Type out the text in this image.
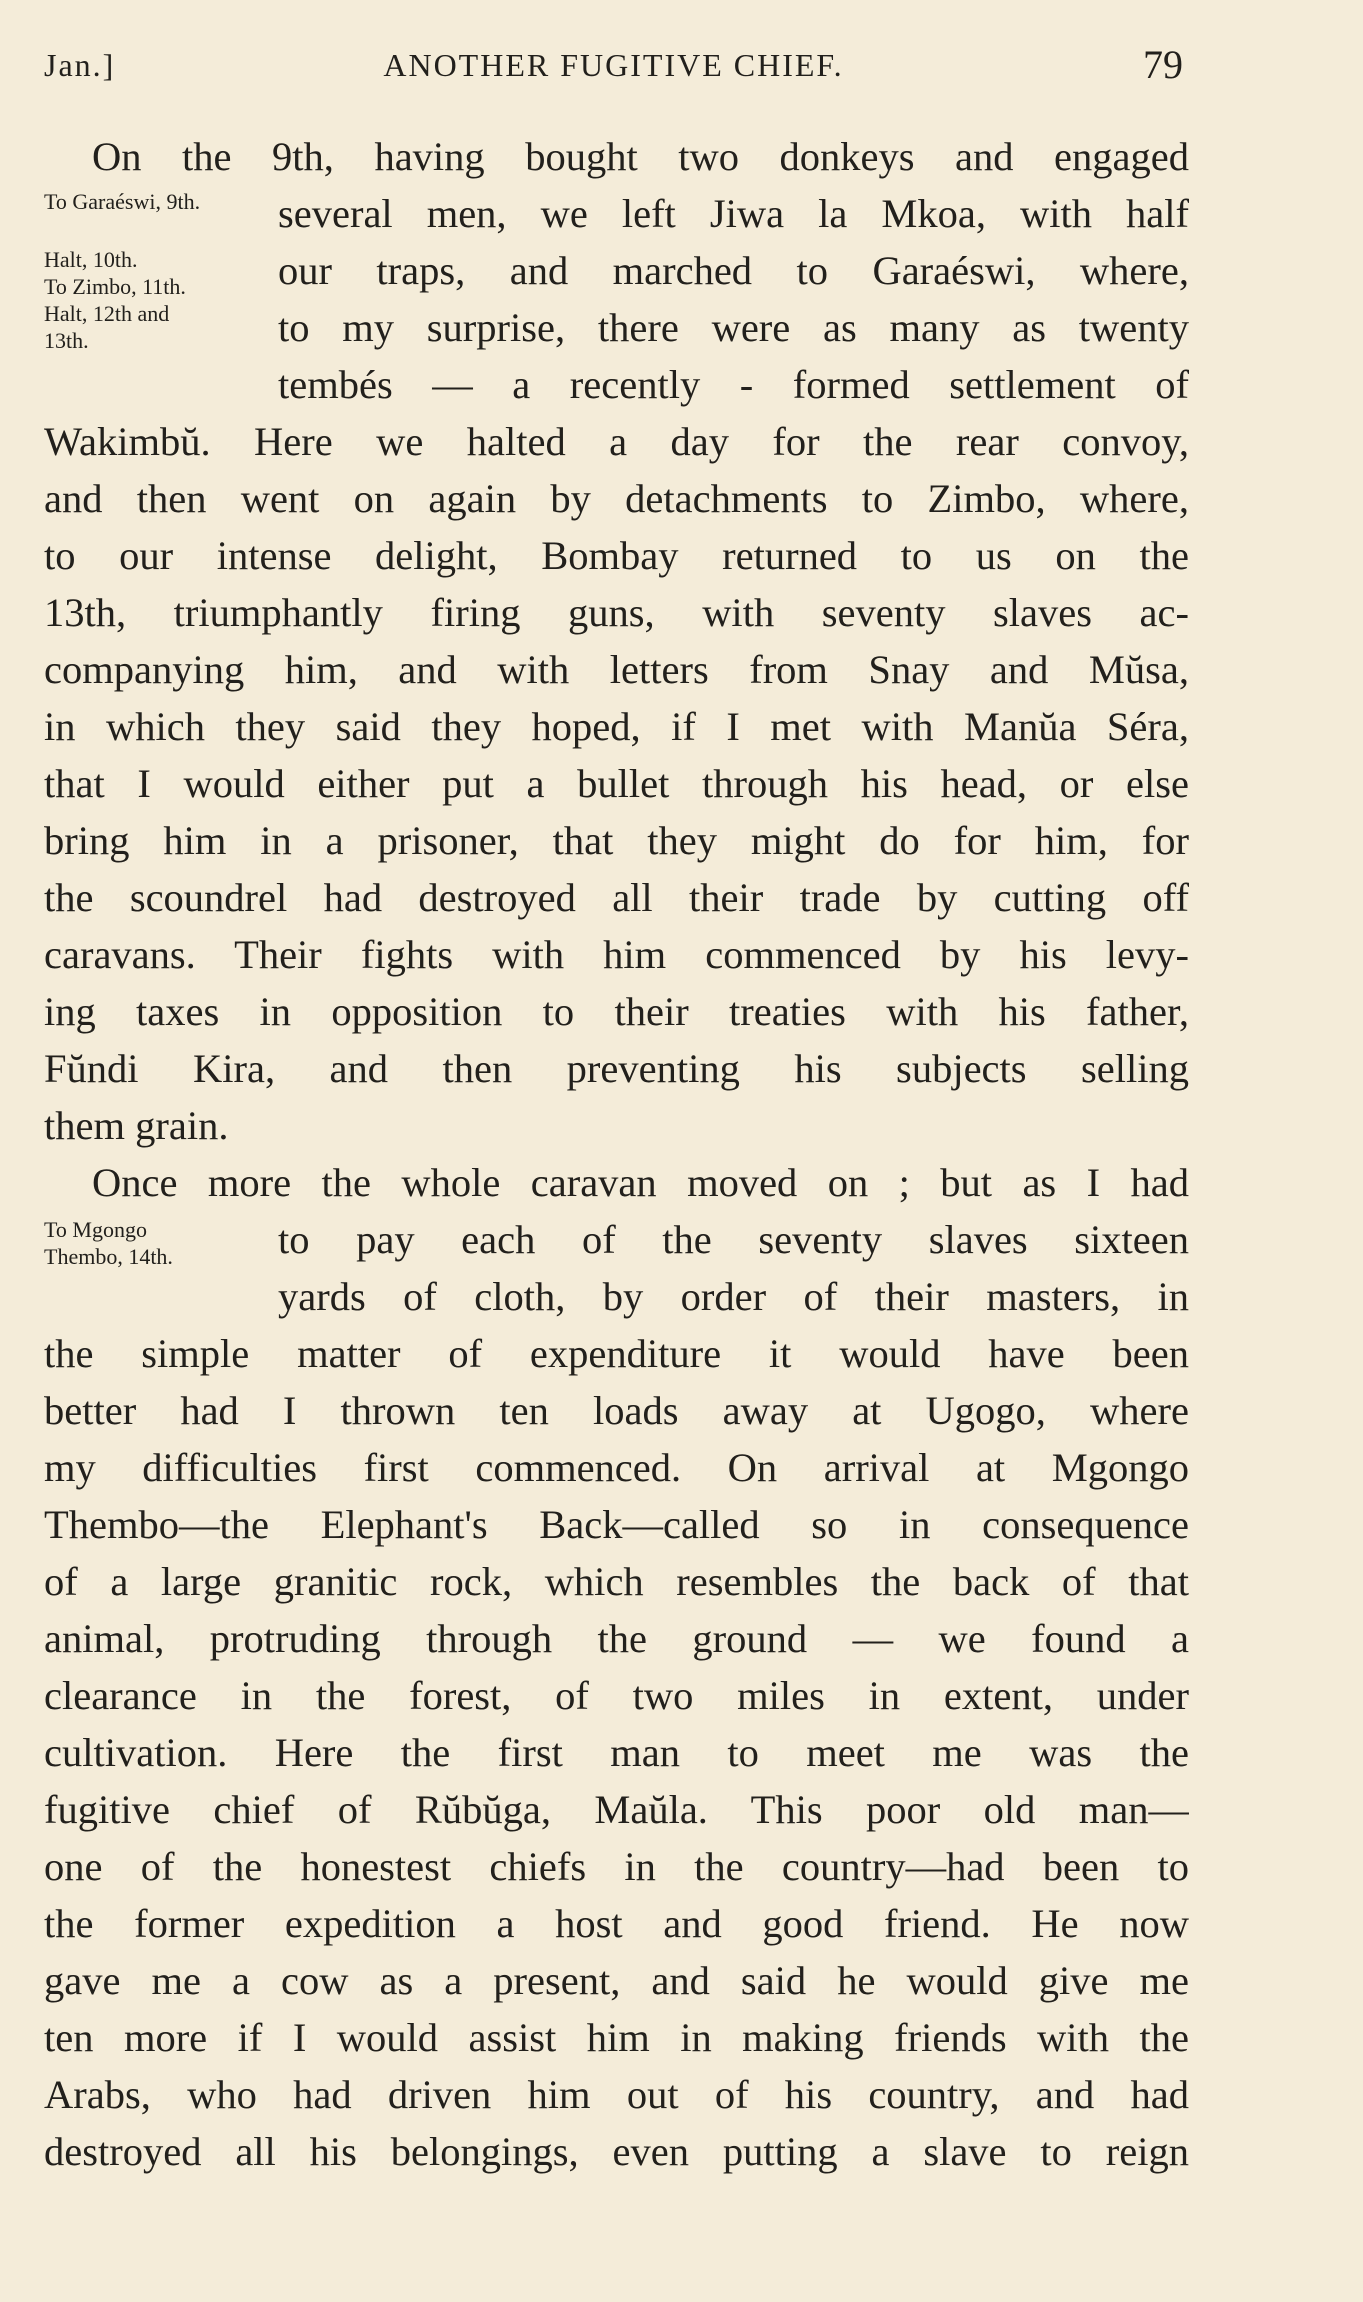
Jan.]	ANOTHER FUGITIVE CHIEF.	79
To Garaéswi, 9th.
Halt, 10th.
To Zimbo, 11th.
Halt, 12th and
13th.
To Mgongo
Thembo, 14th.
On the 9th, having bought two donkeys and engaged
several men, we left Jiwa la Mkoa, with half
our traps, and marched to Garaéswi, where,
to my surprise, there were as many as twenty
tembés — a recently - formed settlement of
Wakimbŭ. Here we halted a day for the rear convoy,
and then went on again by detachments to Zimbo, where,
to our intense delight, Bombay returned to us on the
13th, triumphantly firing guns, with seventy slaves ac-
companying him, and with letters from Snay and Mŭsa,
in which they said they hoped, if I met with Manŭa Séra,
that I would either put a bullet through his head, or else
bring him in a prisoner, that they might do for him, for
the scoundrel had destroyed all their trade by cutting off
caravans. Their fights with him commenced by his levy-
ing taxes in opposition to their treaties with his father,
Fŭndi Kira, and then preventing his subjects selling
them grain.
Once more the whole caravan moved on ; but as I had
to pay each of the seventy slaves sixteen
yards of cloth, by order of their masters, in
the simple matter of expenditure it would have been
better had I thrown ten loads away at Ugogo, where
my difficulties first commenced. On arrival at Mgongo
Thembo—the Elephant's Back—called so in consequence
of a large granitic rock, which resembles the back of that
animal, protruding through the ground — we found a
clearance in the forest, of two miles in extent, under
cultivation. Here the first man to meet me was the
fugitive chief of Rŭbŭga, Maŭla. This poor old man—
one of the honestest chiefs in the country—had been to
the former expedition a host and good friend. He now
gave me a cow as a present, and said he would give me
ten more if I would assist him in making friends with the
Arabs, who had driven him out of his country, and had
destroyed all his belongings, even putting a slave to reign
